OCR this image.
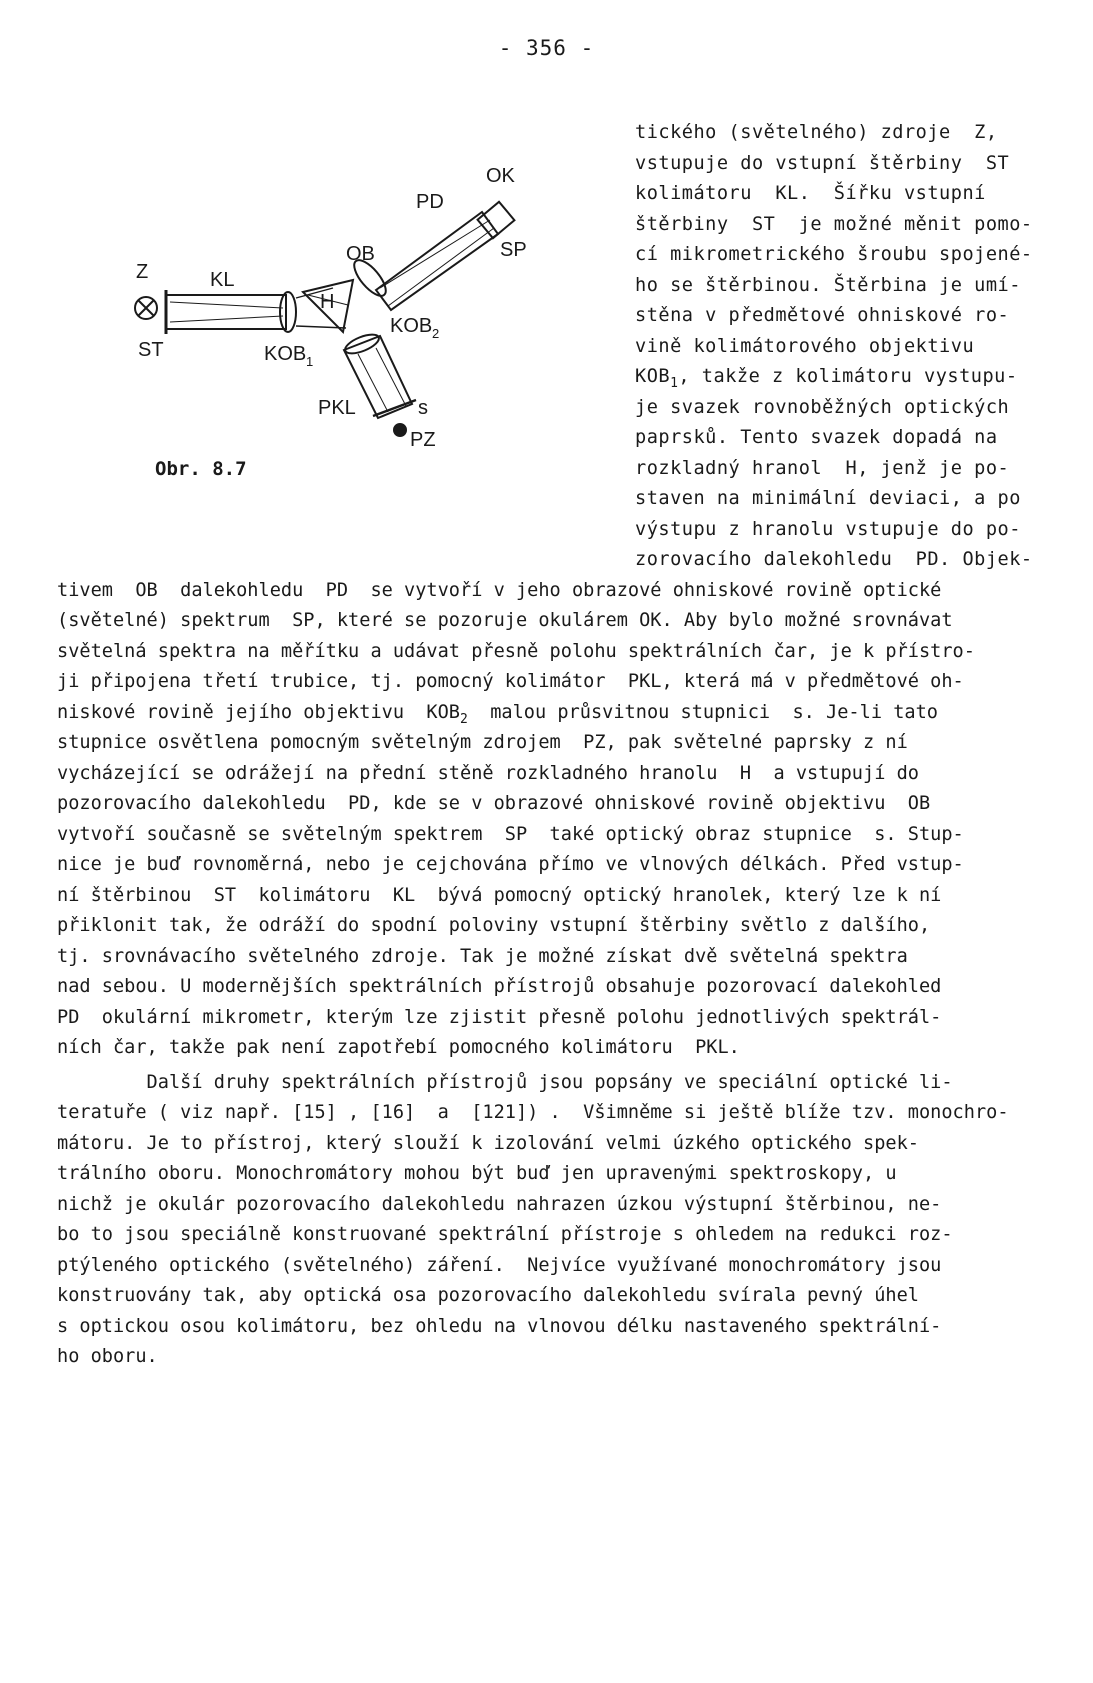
- 356 -
Z	KL
ST	KOB 1
H
OB
PD
OK
SP
KOB 2
PKL	s
PZ
Obr. 8.7

tického (světelného) zdroje  Z,

vstupuje do vstupní štěrbiny  ST

kolimátoru  KL.  Šířku vstupní

štěrbiny  ST  je možné měnit pomo-

cí mikrometrického šroubu spojené-

ho se štěrbinou. Štěrbina je umí-

stěna v předmětové ohniskové ro-

vině kolimátorového objektivu

$KOB_1$, takže z kolimátoru vystupu-

je svazek rovnoběžných optických

paprsků. Tento svazek dopadá na

rozkladný hranol  H, jenž je po-

staven na minimální deviaci, a po

výstupu z hranolu vstupuje do po-

zorovacího dalekohledu  PD. Objek-

tivem  OB  dalekohledu  PD  se vytvoří v jeho obrazové ohniskové rovině optické

(světelné) spektrum  SP, které se pozoruje okulárem OK. Aby bylo možné srovnávat

světelná spektra na měřítku a udávat přesně polohu spektrálních čar, je k přístro-

ji připojena třetí trubice, tj. pomocný kolimátor  PKL, která má v předmětové oh-

niskové rovině jejího objektivu  $KOB_2$  malou průsvitnou stupnici  s. Je-li tato

stupnice osvětlena pomocným světelným zdrojem  PZ, pak světelné paprsky z ní

vycházející se odrážejí na přední stěně rozkladného hranolu  H  a vstupují do

pozorovacího dalekohledu  PD, kde se v obrazové ohniskové rovině objektivu  OB

vytvoří současně se světelným spektrem  SP  také optický obraz stupnice  s. Stup-

nice je buď rovnoměrná, nebo je cejchována přímo ve vlnových délkách. Před vstup-

ní štěrbinou  ST  kolimátoru  KL  bývá pomocný optický hranolek, který lze k ní

přiklonit tak, že odráží do spodní poloviny vstupní štěrbiny světlo z dalšího,

tj. srovnávacího světelného zdroje. Tak je možné získat dvě světelná spektra

nad sebou. U modernějších spektrálních přístrojů obsahuje pozorovací dalekohled

PD  okulární mikrometr, kterým lze zjistit přesně polohu jednotlivých spektrál-

ních čar, takže pak není zapotřebí pomocného kolimátoru  PKL.

Další druhy spektrálních přístrojů jsou popsány ve speciální optické li-

teratuře ( viz např. [15] , [16]  a  [121]) .  Všimněme si ještě blíže tzv. monochro-

mátoru. Je to přístroj, který slouží k izolování velmi úzkého optického spek-

trálního oboru. Monochromátory mohou být buď jen upravenými spektroskopy, u

nichž je okulár pozorovacího dalekohledu nahrazen úzkou výstupní štěrbinou, ne-

bo to jsou speciálně konstruované spektrální přístroje s ohledem na redukci roz-

ptýleného optického (světelného) záření.  Nejvíce využívané monochromátory jsou

konstruovány tak, aby optická osa pozorovacího dalekohledu svírala pevný úhel

s optickou osou kolimátoru, bez ohledu na vlnovou délku nastaveného spektrální-

ho oboru.
